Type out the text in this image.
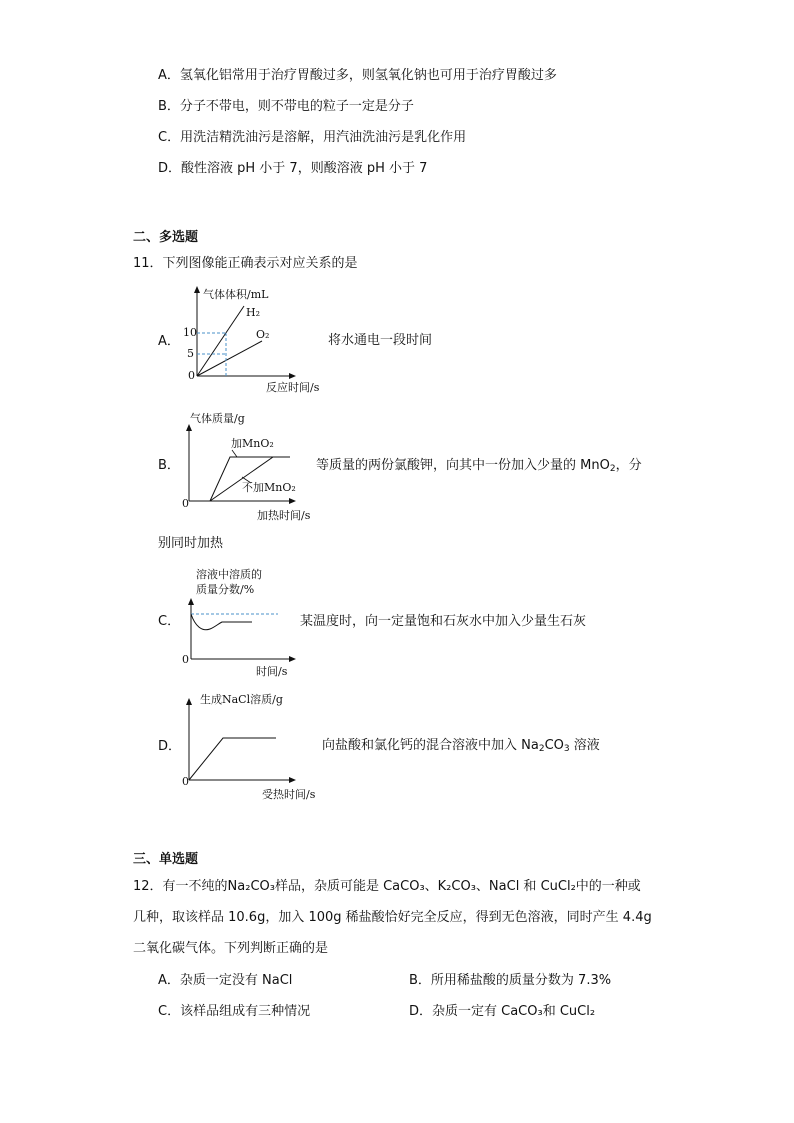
A．氢氧化铝常用于治疗胃酸过多，则氢氧化钠也可用于治疗胃酸过多
B．分子不带电，则不带电的粒子一定是分子
C．用洗洁精洗油污是溶解，用汽油洗油污是乳化作用
D．酸性溶液 pH 小于 7，则酸溶液 pH 小于 7
二、多选题
11．下列图像能正确表示对应关系的是
A．
气体体积/mL
H₂
O₂
10
5
0
反应时间/s
将水通电一段时间
B．
气体质量/g
加MnO₂
不加MnO₂
0
加热时间/s
等质量的两份氯酸钾，向其中一份加入少量的 MnO$_2$，分
别同时加热
C．
溶液中溶质的
质量分数/%
0
时间/s
某温度时，向一定量饱和石灰水中加入少量生石灰
D．
生成NaCl溶质/g
0
受热时间/s
向盐酸和氯化钙的混合溶液中加入 $Na_2CO_3$ 溶液
三、单选题
12．有一不纯的Na₂CO₃样品，杂质可能是 CaCO₃、K₂CO₃、NaCl 和 CuCl₂中的一种或
几种，取该样品 10.6g，加入 100g 稀盐酸恰好完全反应，得到无色溶液，同时产生 4.4g
二氧化碳气体。下列判断正确的是
A．杂质一定没有 NaCl	B．所用稀盐酸的质量分数为 7.3%
C．该样品组成有三种情况	D．杂质一定有 CaCO₃和 CuCl₂
